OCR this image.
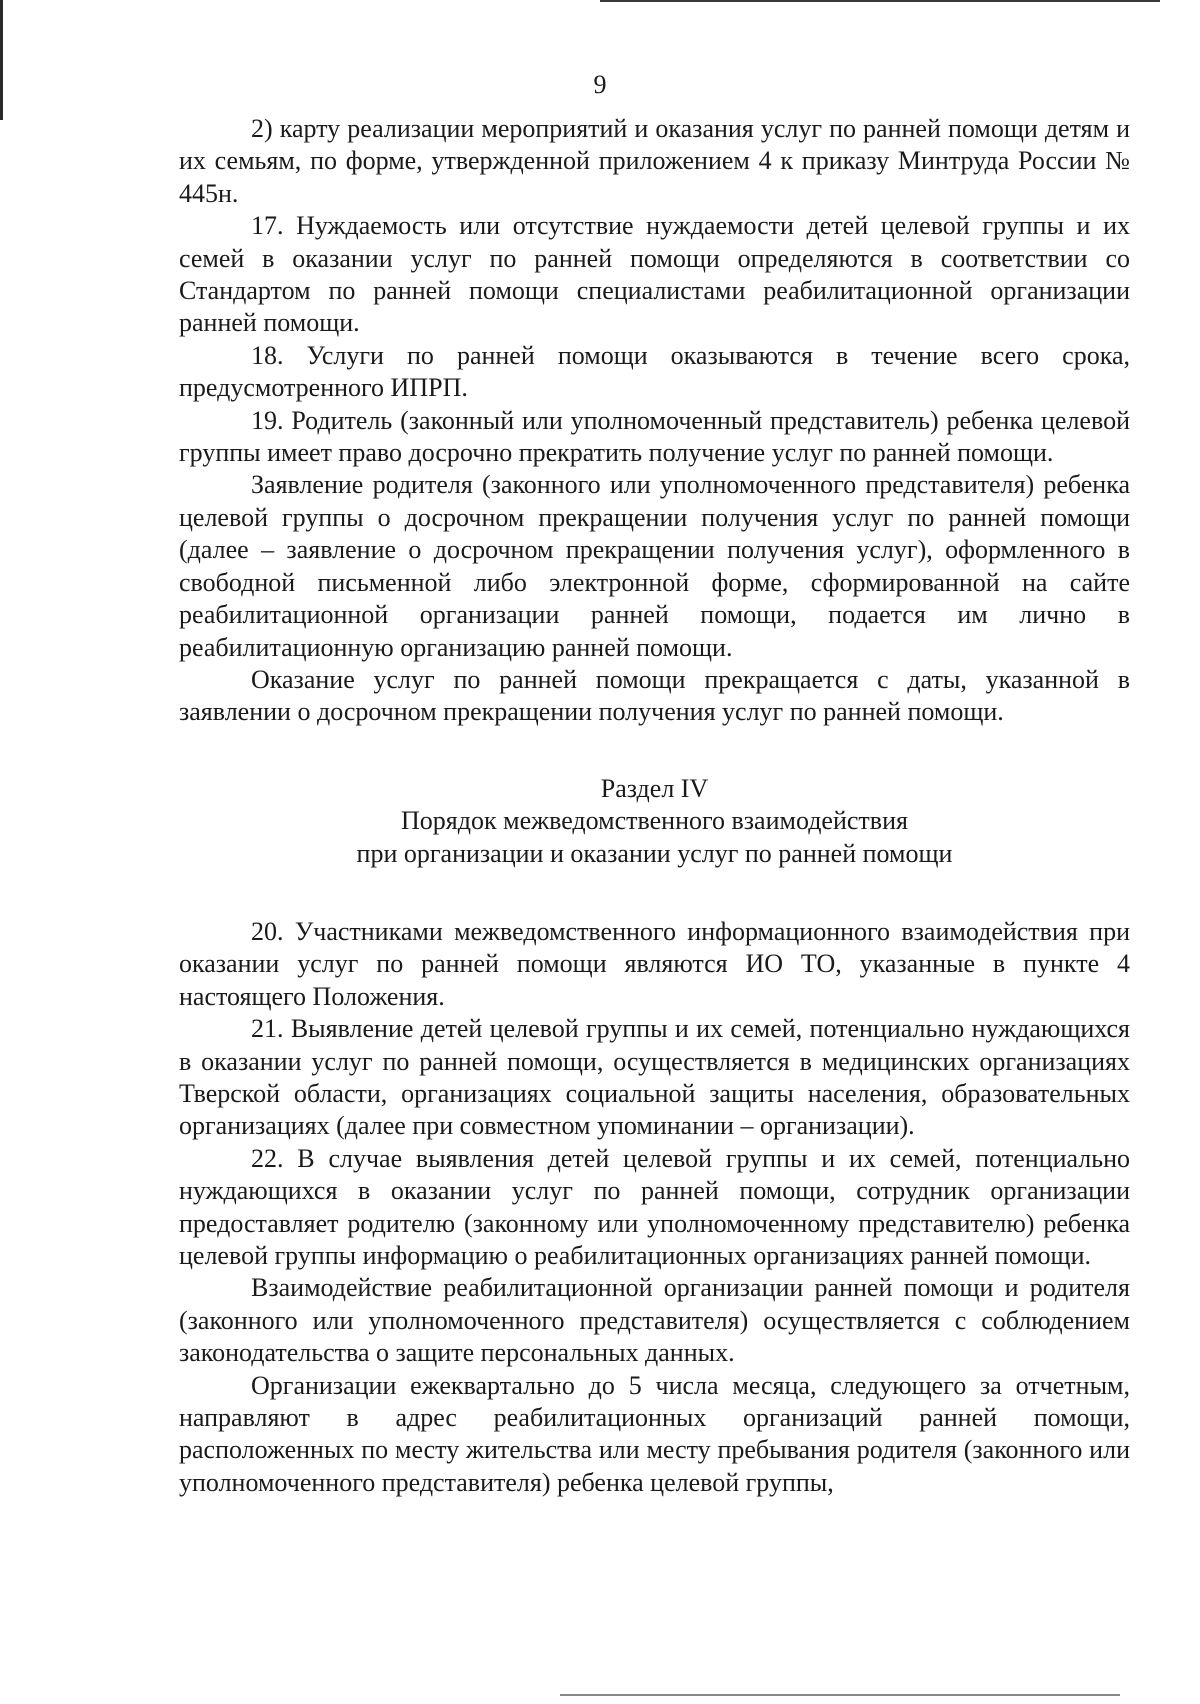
9

2) карту реализации мероприятий и оказания услуг по ранней помощи детям и их семьям, по форме, утвержденной приложением 4 к приказу Минтруда России № 445н.

17. Нуждаемость или отсутствие нуждаемости детей целевой группы и их семей в оказании услуг по ранней помощи определяются в соответствии со Стандартом по ранней помощи специалистами реабилитационной организации ранней помощи.

18. Услуги по ранней помощи оказываются в течение всего срока, предусмотренного ИПРП.

19. Родитель (законный или уполномоченный представитель) ребенка целевой группы имеет право досрочно прекратить получение услуг по ранней помощи.

Заявление родителя (законного или уполномоченного представителя) ребенка целевой группы о досрочном прекращении получения услуг по ранней помощи (далее – заявление о досрочном прекращении получения услуг), оформленного в свободной письменной либо электронной форме, сформированной на сайте реабилитационной организации ранней помощи, подается им лично в реабилитационную организацию ранней помощи.

Оказание услуг по ранней помощи прекращается с даты, указанной в заявлении о досрочном прекращении получения услуг по ранней помощи.

Раздел IV
Порядок межведомственного взаимодействия
при организации и оказании услуг по ранней помощи

20. Участниками межведомственного информационного взаимодействия при оказании услуг по ранней помощи являются ИО ТО, указанные в пункте 4 настоящего Положения.

21. Выявление детей целевой группы и их семей, потенциально нуждающихся в оказании услуг по ранней помощи, осуществляется в медицинских организациях Тверской области, организациях социальной защиты населения, образовательных организациях (далее при совместном упоминании – организации).

22. В случае выявления детей целевой группы и их семей, потенциально нуждающихся в оказании услуг по ранней помощи, сотрудник организации предоставляет родителю (законному или уполномоченному представителю) ребенка целевой группы информацию о реабилитационных организациях ранней помощи.

Взаимодействие реабилитационной организации ранней помощи и родителя (законного или уполномоченного представителя) осуществляется с соблюдением законодательства о защите персональных данных.

Организации ежеквартально до 5 числа месяца, следующего за отчетным, направляют в адрес реабилитационных организаций ранней помощи, расположенных по месту жительства или месту пребывания родителя (законного или уполномоченного представителя) ребенка целевой группы,
